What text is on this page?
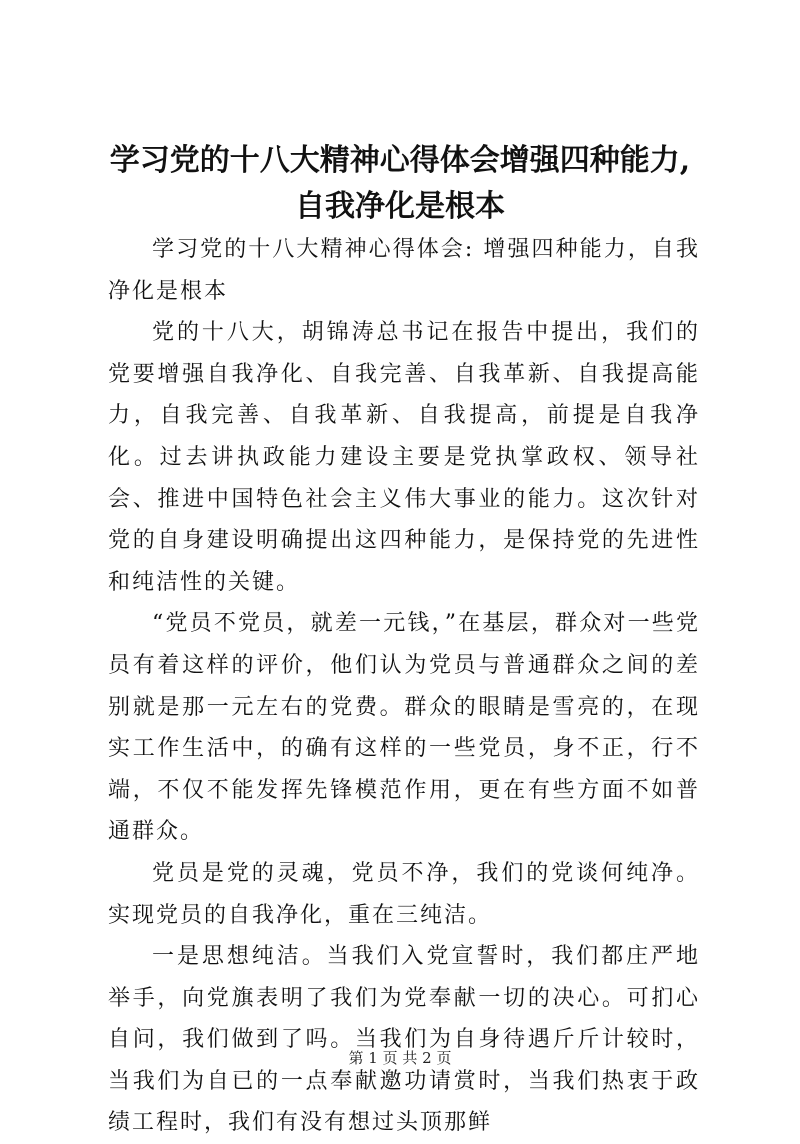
学习党的十八大精神心得体会增强四种能力,
自我净化是根本

学习党的十八大精神心得体会: 增强四种能力，自我净化是根本

党的十八大，胡锦涛总书记在报告中提出，我们的党要增强自我净化、自我完善、自我革新、自我提高能力，自我完善、自我革新、自我提高，前提是自我净化。过去讲执政能力建设主要是党执掌政权、领导社会、推进中国特色社会主义伟大事业的能力。这次针对党的自身建设明确提出这四种能力，是保持党的先进性和纯洁性的关键。

“党员不党员，就差一元钱，”在基层，群众对一些党员有着这样的评价，他们认为党员与普通群众之间的差别就是那一元左右的党费。群众的眼睛是雪亮的，在现实工作生活中，的确有这样的一些党员，身不正，行不端，不仅不能发挥先锋模范作用，更在有些方面不如普通群众。

党员是党的灵魂，党员不净，我们的党谈何纯净。实现党员的自我净化，重在三纯洁。

一是思想纯洁。当我们入党宣誓时，我们都庄严地举手，向党旗表明了我们为党奉献一切的决心。可扪心自问，我们做到了吗。当我们为自身待遇斤斤计较时，当我们为自已的一点奉献邀功请赏时，当我们热衷于政绩工程时，我们有没有想过头顶那鲜

第 1 页 共 2 页
